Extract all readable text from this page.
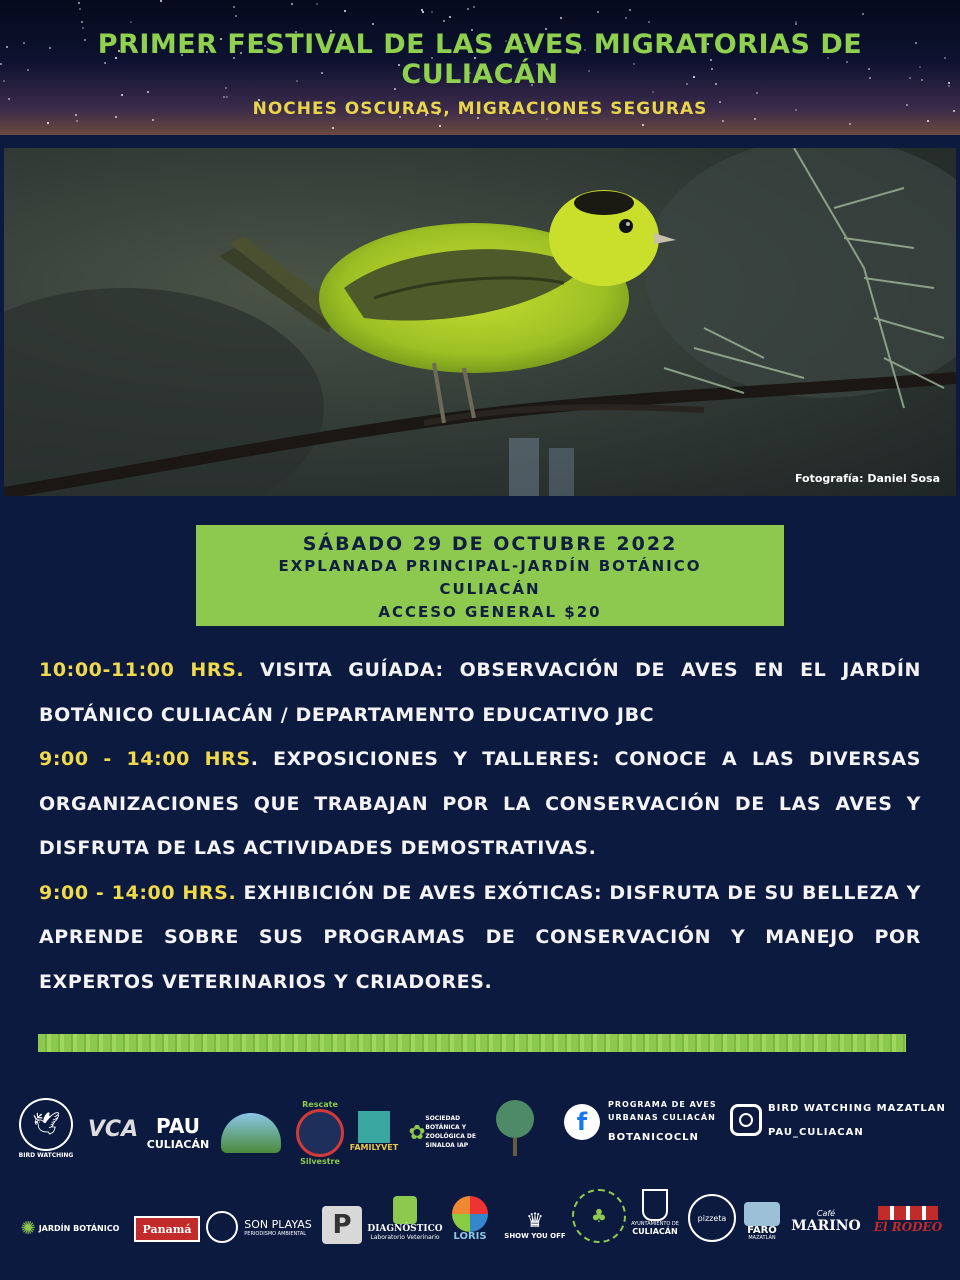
PRIMER FESTIVAL DE LAS AVES MIGRATORIAS DE
CULIACÁN
NOCHES OSCURAS, MIGRACIONES SEGURAS
Fotografía: Daniel Sosa
SÁBADO 29 DE OCTUBRE 2022
EXPLANADA PRINCIPAL-JARDÍN BOTÁNICO
CULIACÁN
ACCESO GENERAL $20

10:00-11:00 HRS. VISITA GUÍADA: OBSERVACIÓN DE AVES EN EL JARDÍN BOTÁNICO CULIACÁN / DEPARTAMENTO EDUCATIVO JBC

9:00 - 14:00 HRS. EXPOSICIONES Y TALLERES: CONOCE A LAS DIVERSAS ORGANIZACIONES QUE TRABAJAN POR LA CONSERVACIÓN DE LAS AVES Y DISFRUTA DE LAS ACTIVIDADES DEMOSTRATIVAS.

9:00 - 14:00 HRS. EXHIBICIÓN DE AVES EXÓTICAS: DISFRUTA DE SU BELLEZA Y APRENDE SOBRE SUS PROGRAMAS DE CONSERVACIÓN Y MANEJO POR EXPERTOS VETERINARIOS Y CRIADORES.

🕊
BIRD WATCHING
VCA PAU
CULIACÁN
Rescate
Silvestre
FAMILYVET
✿
SOCIEDAD BOTÁNICA Y ZOOLÓGICA DE SINALOA IAP
f
PROGRAMA DE AVES
URBANAS CULIACÁN
BOTANICOCLN
BIRD WATCHING MAZATLAN
PAU_CULIACAN
✺ JARDÍN BOTÁNICO Panamá	SON PLAYAS
PERIODISMO AMBIENTAL P DIAGNÓSTICO
Laboratorio Veterinario LORIS
♛
SHOW YOU OFF
♣	AYUNTAMIENTO DE
CULIACÁN
pizzeta
FARO
MAZATLÁN
Café
MARINO El RODEO
